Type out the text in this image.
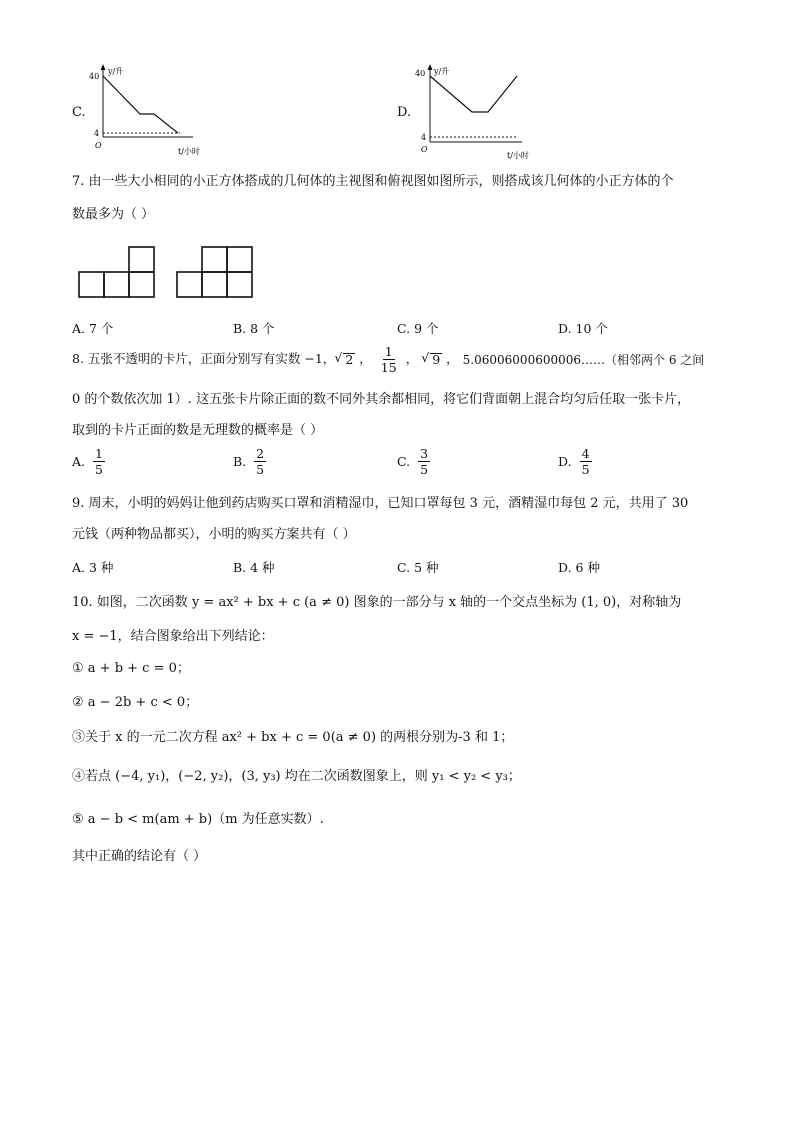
C.
40
4
O
y/升
t/小时
D.
40
4
O
y/升
t/小时
7. 由一些大小相同的小正方体搭成的几何体的主视图和俯视图如图所示，则搭成该几何体的小正方体的个
数最多为（ ）
A. 7 个	B. 8 个	C. 9 个	D. 10 个
8. 五张不透明的卡片，正面分别写有实数 −1， √ 2 ， $\frac{1}{15}$ ， √ 9 ， 5.06006000600006……（相邻两个 6 之间
0 的个数依次加 1）. 这五张卡片除正面的数不同外其余都相同，将它们背面朝上混合均匀后任取一张卡片，
取到的卡片正面的数是无理数的概率是（ ）
A. $\frac{1}{5}$	B. $\frac{2}{5}$	C. $\frac{3}{5}$	D. $\frac{4}{5}$
9. 周末，小明的妈妈让他到药店购买口罩和消精湿巾，已知口罩每包 3 元，酒精湿巾每包 2 元，共用了 30
元钱（两种物品都买），小明的购买方案共有（ ）
A. 3 种	B. 4 种	C. 5 种	D. 6 种
10. 如图，二次函数 y = ax² + bx + c (a ≠ 0) 图象的一部分与 x 轴的一个交点坐标为 (1, 0)，对称轴为
x = −1，结合图象给出下列结论：
① a + b + c = 0；
② a − 2b + c < 0；
③关于 x 的一元二次方程 ax² + bx + c = 0(a ≠ 0) 的两根分别为-3 和 1；
④若点 (−4, y₁)，(−2, y₂)，(3, y₃) 均在二次函数图象上，则 y₁ < y₂ < y₃；
⑤ a − b < m(am + b)（m 为任意实数）.
其中正确的结论有（ ）
